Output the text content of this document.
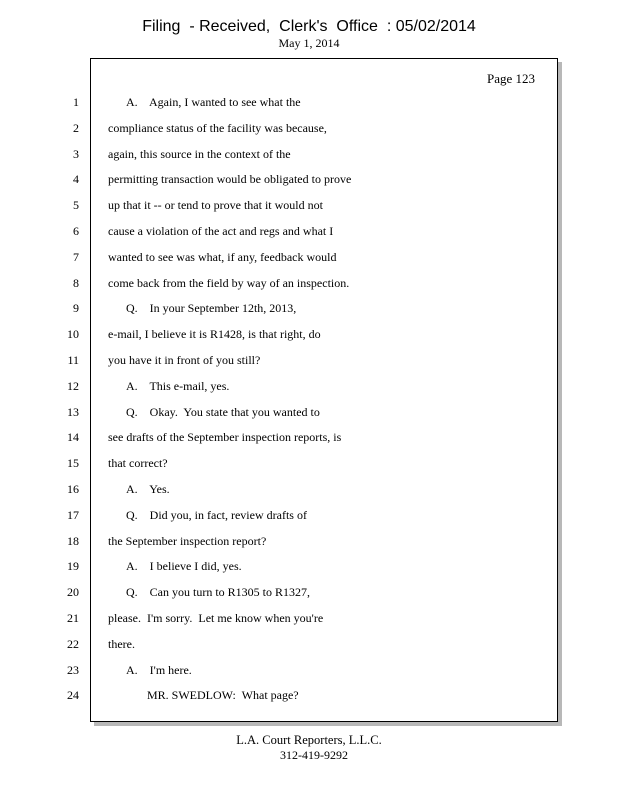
Filing  - Received,  Clerk's  Office  : 05/02/2014
May 1, 2014
Page 123
1	A.    Again, I wanted to see what the
2 compliance status of the facility was because,
3 again, this source in the context of the
4 permitting transaction would be obligated to prove
5 up that it -- or tend to prove that it would not
6 cause a violation of the act and regs and what I
7 wanted to see was what, if any, feedback would
8 come back from the field by way of an inspection.
9	Q.    In your September 12th, 2013,
10 e-mail, I believe it is R1428, is that right, do
11 you have it in front of you still?
12	A.    This e-mail, yes.
13	Q.    Okay.  You state that you wanted to
14 see drafts of the September inspection reports, is
15 that correct?
16	A.    Yes.
17	Q.    Did you, in fact, review drafts of
18 the September inspection report?
19	A.    I believe I did, yes.
20	Q.    Can you turn to R1305 to R1327,
21 please.  I'm sorry.  Let me know when you're
22 there.
23	A.    I'm here.
24	MR. SWEDLOW:  What page?
L.A. Court Reporters, L.L.C.
312-419-9292
